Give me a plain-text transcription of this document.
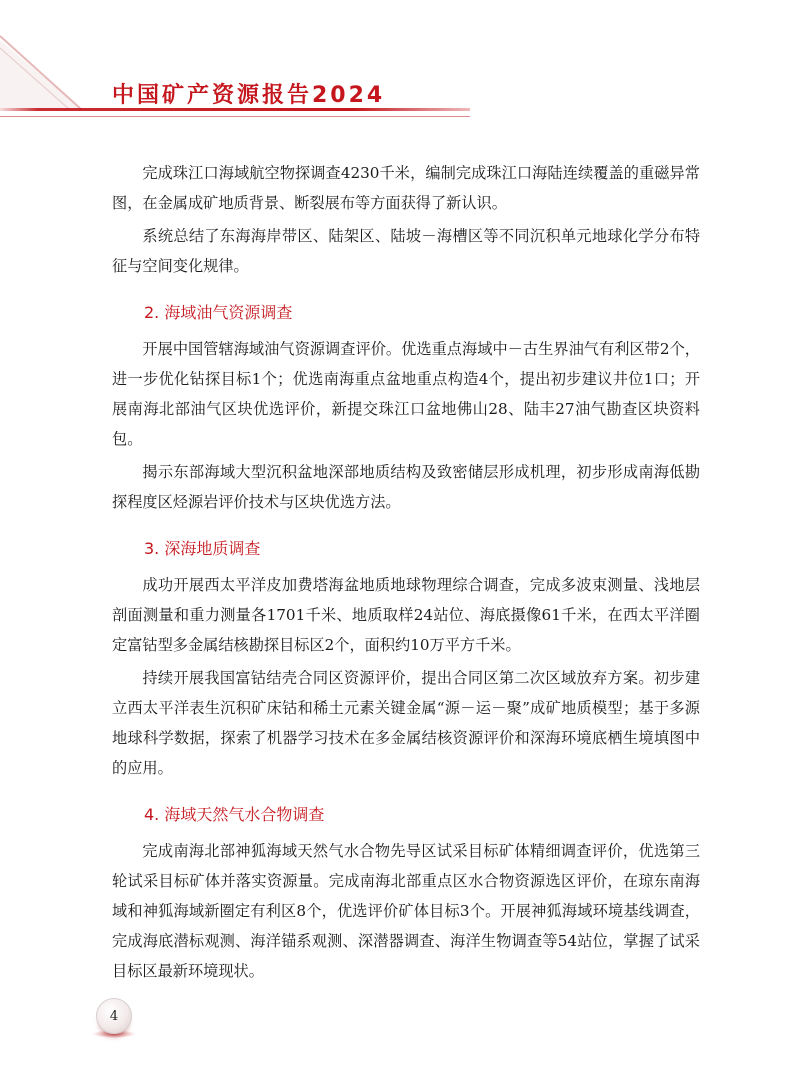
中国矿产资源报告2024

完成珠江口海域航空物探调查4230千米，编制完成珠江口海陆连续覆盖的重磁异常图，在金属成矿地质背景、断裂展布等方面获得了新认识。

系统总结了东海海岸带区、陆架区、陆坡－海槽区等不同沉积单元地球化学分布特征与空间变化规律。

2. 海域油气资源调查

开展中国管辖海域油气资源调查评价。优选重点海域中－古生界油气有利区带2个，进一步优化钻探目标1个；优选南海重点盆地重点构造4个，提出初步建议井位1口；开展南海北部油气区块优选评价，新提交珠江口盆地佛山28、陆丰27油气勘查区块资料包。

揭示东部海域大型沉积盆地深部地质结构及致密储层形成机理，初步形成南海低勘探程度区烃源岩评价技术与区块优选方法。

3. 深海地质调查

成功开展西太平洋皮加费塔海盆地质地球物理综合调查，完成多波束测量、浅地层剖面测量和重力测量各1701千米、地质取样24站位、海底摄像61千米，在西太平洋圈定富钴型多金属结核勘探目标区2个，面积约10万平方千米。

持续开展我国富钴结壳合同区资源评价，提出合同区第二次区域放弃方案。初步建立西太平洋表生沉积矿床钴和稀土元素关键金属“源－运－聚”成矿地质模型；基于多源地球科学数据，探索了机器学习技术在多金属结核资源评价和深海环境底栖生境填图中的应用。

4. 海域天然气水合物调查

完成南海北部神狐海域天然气水合物先导区试采目标矿体精细调查评价，优选第三轮试采目标矿体并落实资源量。完成南海北部重点区水合物资源选区评价，在琼东南海域和神狐海域新圈定有利区8个，优选评价矿体目标3个。开展神狐海域环境基线调查，完成海底潜标观测、海洋锚系观测、深潜器调查、海洋生物调查等54站位，掌握了试采目标区最新环境现状。

4
